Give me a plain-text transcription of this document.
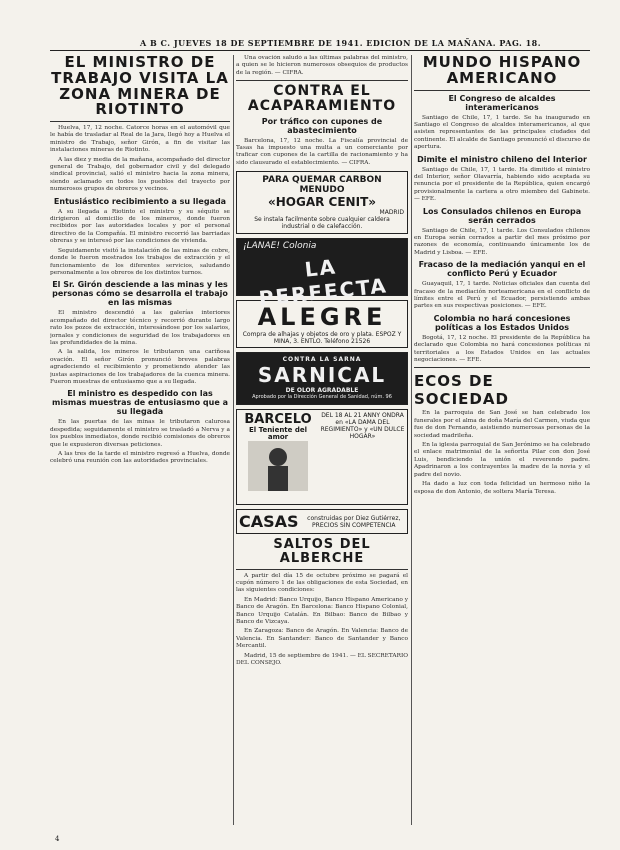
A B C. JUEVES 18 DE SEPTIEMBRE DE 1941. EDICION DE LA MAÑANA. PAG. 18.
EL MINISTRO DE TRABAJO VISITA LA ZONA MINERA DE RIOTINTO

Huelva, 17, 12 noche. Catorce horas en el automóvil que le había de trasladar al Real de la Jara, llegó hoy a Huelva el ministro de Trabajo, señor Girón, a fin de visitar las instalaciones mineras de Riotinto.

A las diez y media de la mañana, acompañado del director general de Trabajo, del gobernador civil y del delegado sindical provincial, salió el ministro hacia la zona minera, siendo aclamado en todos los pueblos del trayecto por numerosos grupos de obreros y vecinos.

Entusiástico recibimiento a su llegada

A su llegada a Riotinto el ministro y su séquito se dirigieron al domicilio de los mineros, donde fueron recibidos por las autoridades locales y por el personal directivo de la Compañía. El ministro recorrió las barriadas obreras y se interesó por las condiciones de vivienda.

Seguidamente visitó la instalación de las minas de cobre, donde le fueron mostrados los trabajos de extracción y el funcionamiento de los diferentes servicios, saludando personalmente a los obreros de los distintos turnos.

El Sr. Girón desciende a las minas y les personas cómo se desarrolla el trabajo en las mismas

El ministro descendió a las galerías interiores acompañado del director técnico y recorrió durante largo rato los pozos de extracción, interesándose por los salarios, jornales y condiciones de seguridad de los trabajadores en las profundidades de la mina.

A la salida, los mineros le tributaron una cariñosa ovación. El señor Girón pronunció breves palabras agradeciendo el recibimiento y prometiendo atender las justas aspiraciones de los trabajadores de la cuenca minera. Fueron muestras de entusiasmo que a su llegada.

El ministro es despedido con las mismas muestras de entusiasmo que a su llegada

En las puertas de las minas le tributaron calurosa despedida; seguidamente el ministro se trasladó a Nerva y a los pueblos inmediatos, donde recibió comisiones de obreros que le expusieron diversas peticiones.

A las tres de la tarde el ministro regresó a Huelva, donde celebró una reunión con las autoridades provinciales.

Una ovación saludó a las últimas palabras del ministro, a quien se le hicieron numerosos obsequios de productos de la región. — CIFRA.

CONTRA EL ACAPARAMIENTO
Por tráfico con cupones de abastecimiento

Barcelona, 17, 12 noche. La Fiscalía provincial de Tasas ha impuesto una multa a un comerciante por traficar con cupones de la cartilla de racionamiento y ha sido clausurado el establecimiento. — CIFRA.

PARA QUEMAR CARBON MENUDO
«HOGAR CENIT»
MADRID
Se instala facilmente sobre cualquier caldera industrial o de calefacción.
¡LANAE! Colonia
LA PERFECTA
ALEGRE
Compra de alhajas y objetos de oro y plata. ESPOZ Y MINA, 3. ENTLO. Teléfono 21526
CONTRA LA SARNA
SARNICAL
DE OLOR AGRADABLE
Aprobado por la Dirección General de Sanidad, núm. 96
BARCELO
El Teniente del amor
DEL 18 AL 21 ANNY ONDRA en «LA DAMA DEL REGIMIENTO» y «UN DULCE HOGAR»
CASAS	construidas por Diez Gutiérrez, PRECIOS SIN COMPETENCIA
SALTOS DEL ALBERCHE

A partir del día 15 de octubre próximo se pagará el cupón número 1 de las obligaciones de esta Sociedad, en las siguientes condiciones:

En Madrid: Banco Urquijo, Banco Hispano Americano y Banco de Aragón. En Barcelona: Banco Hispano Colonial, Banco Urquijo Catalán. En Bilbao: Banco de Bilbao y Banco de Vizcaya.

En Zaragoza: Banco de Aragón. En Valencia: Banco de Valencia. En Santander: Banco de Santander y Banco Mercantil.

Madrid, 15 de septiembre de 1941. — EL SECRETARIO DEL CONSEJO.

MUNDO HISPANO AMERICANO
El Congreso de alcaldes interamericanos

Santiago de Chile, 17, 1 tarde. Se ha inaugurado en Santiago el Congreso de alcaldes interamericanos, al que asisten representantes de las principales ciudades del continente. El alcalde de Santiago pronunció el discurso de apertura.

Dimite el ministro chileno del Interior

Santiago de Chile, 17, 1 tarde. Ha dimitido el ministro del Interior, señor Olavarría, habiendo sido aceptada su renuncia por el presidente de la República, quien encargó provisionalmente la cartera a otro miembro del Gabinete. — EFE.

Los Consulados chilenos en Europa serán cerrados

Santiago de Chile, 17, 1 tarde. Los Consulados chilenos en Europa serán cerrados a partir del mes próximo por razones de economía, continuando únicamente los de Madrid y Lisboa. — EFE.

Fracaso de la mediación yanqui en el conflicto Perú y Ecuador

Guayaquil, 17, 1 tarde. Noticias oficiales dan cuenta del fracaso de la mediación norteamericana en el conflicto de límites entre el Perú y el Ecuador, persistiendo ambas partes en sus respectivas posiciones. — EFE.

Colombia no hará concesiones políticas a los Estados Unidos

Bogotá, 17, 12 noche. El presidente de la República ha declarado que Colombia no hará concesiones políticas ni territoriales a los Estados Unidos en las actuales negociaciones. — EFE.

ECOS DE SOCIEDAD

En la parroquia de San José se han celebrado los funerales por el alma de doña María del Carmen, viuda que fue de don Fernando, asistiendo numerosas personas de la sociedad madrileña.

En la iglesia parroquial de San Jerónimo se ha celebrado el enlace matrimonial de la señorita Pilar con don José Luis, bendiciendo la unión el reverendo padre. Apadrinaron a los contrayentes la madre de la novia y el padre del novio.

Ha dado a luz con toda felicidad un hermoso niño la esposa de don Antonio, de soltera María Teresa.

4
